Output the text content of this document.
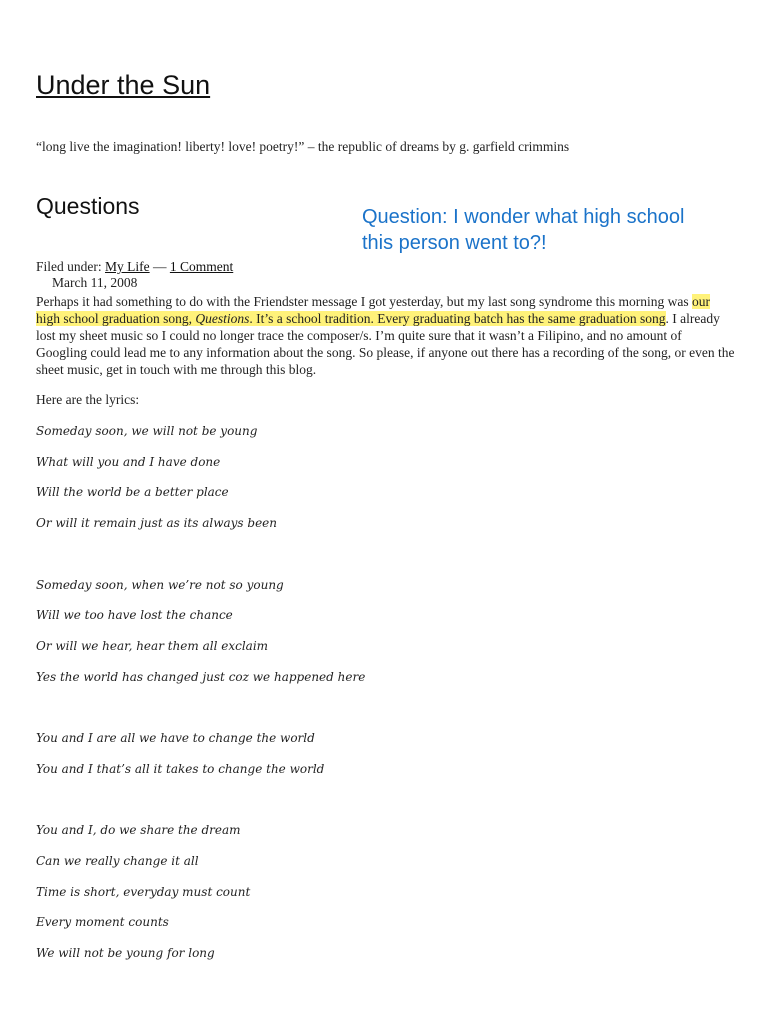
Under the Sun

“long live the imagination! liberty! love! poetry!” – the republic of dreams by g. garfield crimmins

Questions	Question: I wonder what high school this person went to?!
Filed under: My Life — 1 Comment
March 11, 2008

Perhaps it had something to do with the Friendster message I got yesterday, but my last song syndrome this morning was our high school graduation song, Questions. It’s a school tradition. Every graduating batch has the same graduation song. I already lost my sheet music so I could no longer trace the composer/s. I’m quite sure that it wasn’t a Filipino, and no amount of Googling could lead me to any information about the song. So please, if anyone out there has a recording of the song, or even the sheet music, get in touch with me through this blog.

Here are the lyrics:

Someday soon, we will not be young

What will you and I have done

Will the world be a better place

Or will it remain just as its always been

Someday soon, when we’re not so young

Will we too have lost the chance

Or will we hear, hear them all exclaim

Yes the world has changed just coz we happened here

You and I are all we have to change the world

You and I that’s all it takes to change the world

You and I, do we share the dream

Can we really change it all

Time is short, everyday must count

Every moment counts

We will not be young for long
